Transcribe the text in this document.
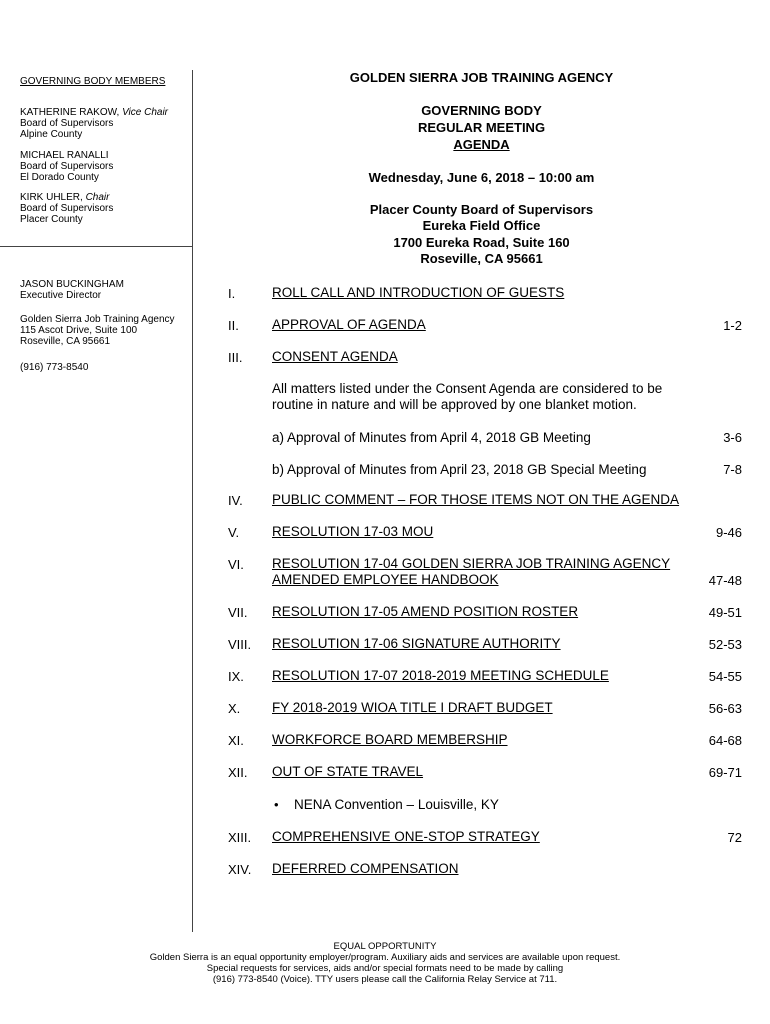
GOVERNING BODY MEMBERS
KATHERINE RAKOW, Vice Chair
Board of Supervisors
Alpine County
MICHAEL RANALLI
Board of Supervisors
El Dorado County
KIRK UHLER, Chair
Board of Supervisors
Placer County
JASON BUCKINGHAM
Executive Director
Golden Sierra Job Training Agency
115 Ascot Drive, Suite 100
Roseville, CA 95661
(916) 773-8540
GOLDEN SIERRA JOB TRAINING AGENCY
GOVERNING BODY
REGULAR MEETING
AGENDA
Wednesday, June 6, 2018 – 10:00 am
Placer County Board of Supervisors
Eureka Field Office
1700 Eureka Road, Suite 160
Roseville, CA 95661
I.	ROLL CALL AND INTRODUCTION OF GUESTS
II. APPROVAL OF AGENDA	1-2
III. CONSENT AGENDA
All matters listed under the Consent Agenda are considered to be
routine in nature and will be approved by one blanket motion.
a) Approval of Minutes from April 4, 2018 GB Meeting	3-6
b) Approval of Minutes from April 23, 2018 GB Special Meeting	7-8
IV. PUBLIC COMMENT – FOR THOSE ITEMS NOT ON THE AGENDA
V. RESOLUTION 17-03 MOU	9-46
VI. RESOLUTION 17-04 GOLDEN SIERRA JOB TRAINING AGENCY
AMENDED EMPLOYEE HANDBOOK	47-48
VII. RESOLUTION 17-05 AMEND POSITION ROSTER	49-51
VIII. RESOLUTION 17-06 SIGNATURE AUTHORITY	52-53
IX. RESOLUTION 17-07 2018-2019 MEETING SCHEDULE	54-55
X. FY 2018-2019 WIOA TITLE I DRAFT BUDGET	56-63
XI. WORKFORCE BOARD MEMBERSHIP	64-68
XII. OUT OF STATE TRAVEL	69-71
• NENA Convention – Louisville, KY
XIII. COMPREHENSIVE ONE-STOP STRATEGY	72
XIV. DEFERRED COMPENSATION
EQUAL OPPORTUNITY
Golden Sierra is an equal opportunity employer/program. Auxiliary aids and services are available upon request.
Special requests for services, aids and/or special formats need to be made by calling
(916) 773-8540 (Voice). TTY users please call the California Relay Service at 711.
